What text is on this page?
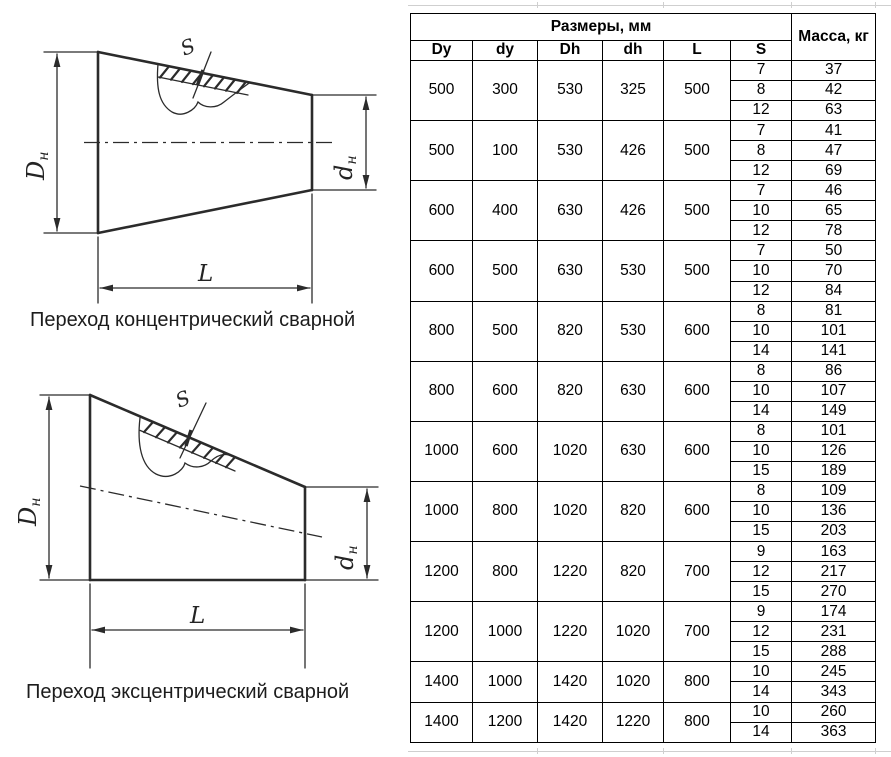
S
Dн
dн
L
Переход концентрический сварной
S
Dн
dн
L
Переход эксцентрический сварной
Размеры, мм						Масса, кг
Dy	dy	Dh	dh	L	S	
500	300	530	325	500	7	37
					8	42
					12	63
500	100	530	426	500	7	41
					8	47
					12	69
600	400	630	426	500	7	46
					10	65
					12	78
600	500	630	530	500	7	50
					10	70
					12	84
800	500	820	530	600	8	81
					10	101
					14	141
800	600	820	630	600	8	86
					10	107
					14	149
1000	600	1020	630	600	8	101
					10	126
					15	189
1000	800	1020	820	600	8	109
					10	136
					15	203
1200	800	1220	820	700	9	163
					12	217
					15	270
1200	1000	1220	1020	700	9	174
					12	231
					15	288
1400	1000	1420	1020	800	10	245
					14	343
1400	1200	1420	1220	800	10	260
					14	363
